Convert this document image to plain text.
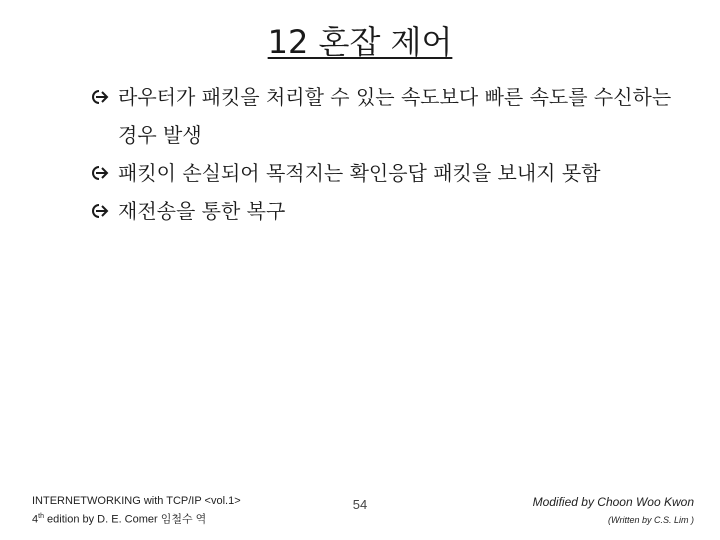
12 혼잡 제어
라우터가 패킷을 처리할 수 있는 속도보다 빠른 속도를 수신하는 경우 발생
패킷이 손실되어 목적지는 확인응답 패킷을 보내지 못함
재전송을 통한 복구
INTERNETWORKING with TCP/IP <vol.1>
4th edition by D. E. Comer 임철수 역
54	Modified by Choon Woo Kwon
(Written by C.S. Lim )
